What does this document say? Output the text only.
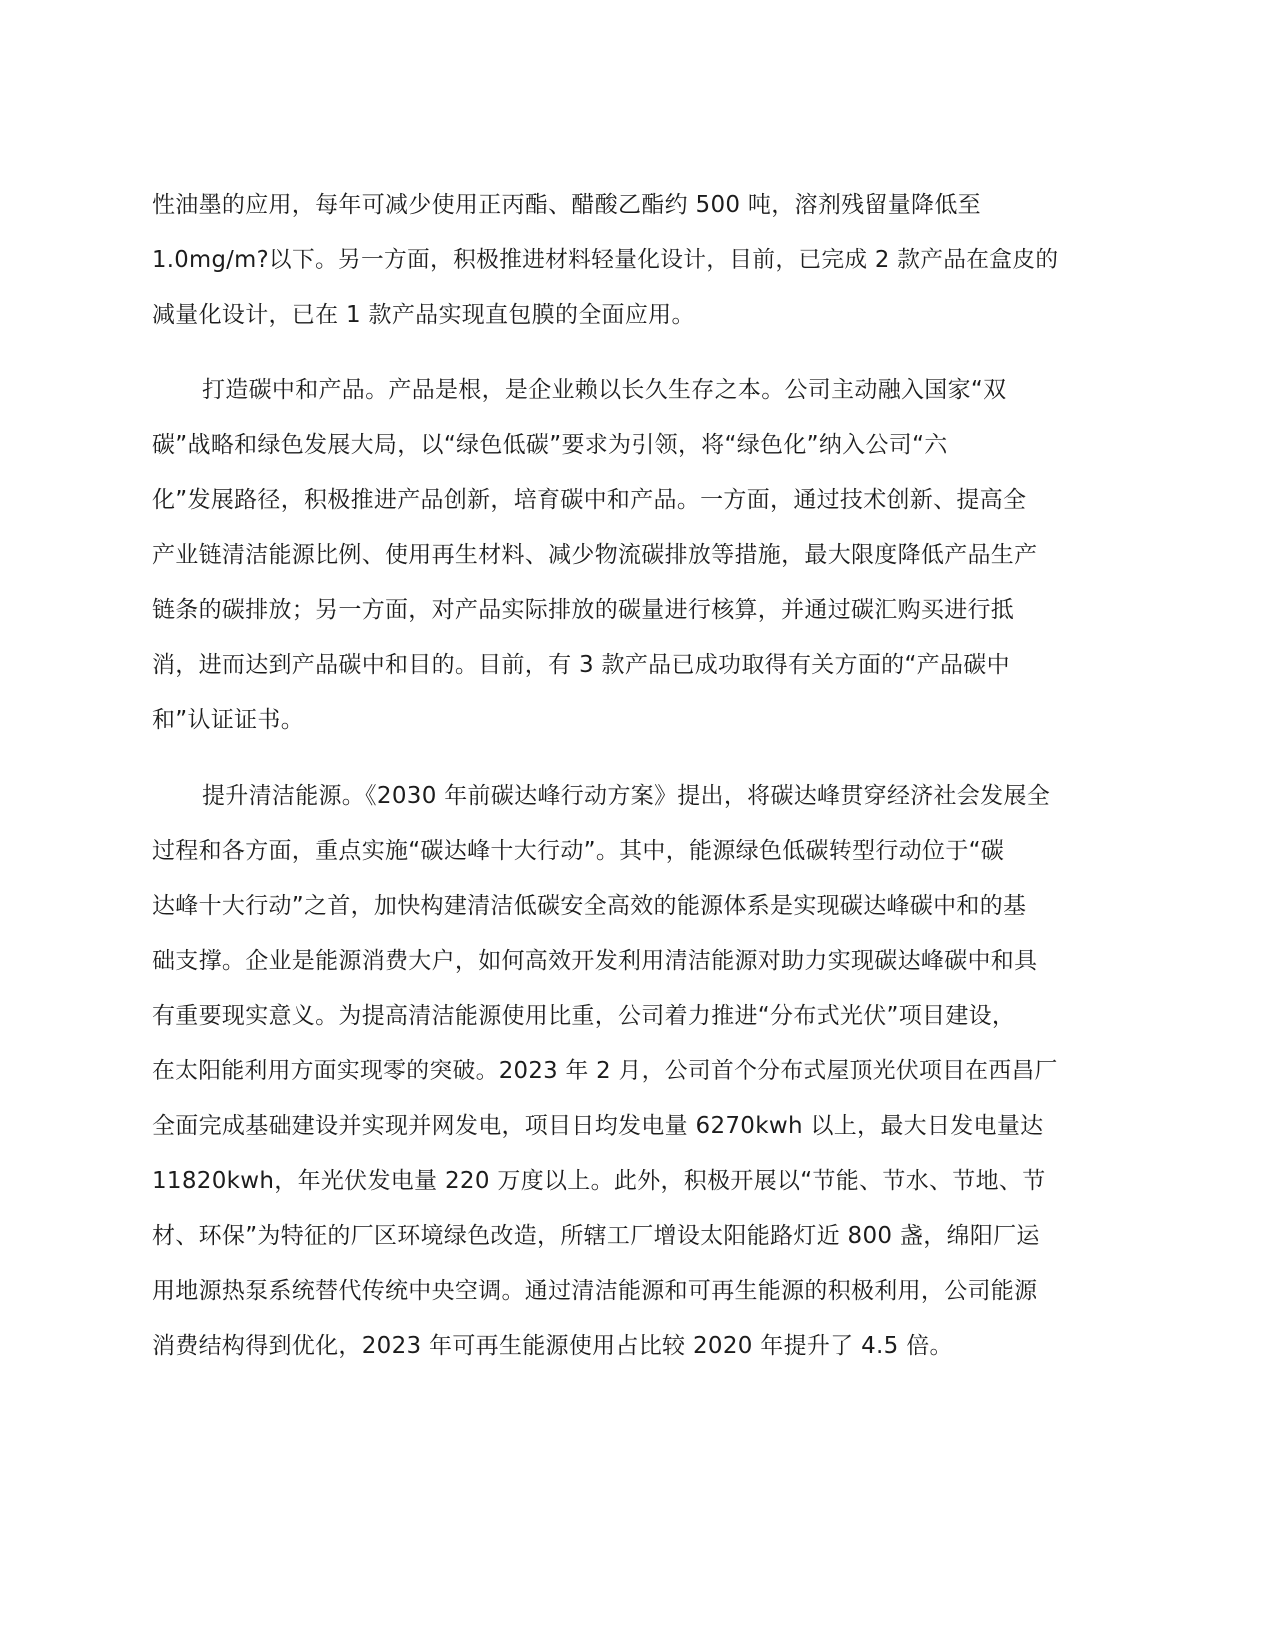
性油墨的应用，每年可减少使用正丙酯、醋酸乙酯约 500 吨，溶剂残留量降低至
1.0mg/m?以下。另一方面，积极推进材料轻量化设计，目前，已完成 2 款产品在盒皮的
减量化设计，已在 1 款产品实现直包膜的全面应用。
打造碳中和产品。产品是根，是企业赖以长久生存之本。公司主动融入国家“双
碳”战略和绿色发展大局，以“绿色低碳”要求为引领，将“绿色化”纳入公司“六
化”发展路径，积极推进产品创新，培育碳中和产品。一方面，通过技术创新、提高全
产业链清洁能源比例、使用再生材料、减少物流碳排放等措施，最大限度降低产品生产
链条的碳排放；另一方面，对产品实际排放的碳量进行核算，并通过碳汇购买进行抵
消，进而达到产品碳中和目的。目前，有 3 款产品已成功取得有关方面的“产品碳中
和”认证证书。
提升清洁能源。《2030 年前碳达峰行动方案》提出，将碳达峰贯穿经济社会发展全
过程和各方面，重点实施“碳达峰十大行动”。其中，能源绿色低碳转型行动位于“碳
达峰十大行动”之首，加快构建清洁低碳安全高效的能源体系是实现碳达峰碳中和的基
础支撑。企业是能源消费大户，如何高效开发利用清洁能源对助力实现碳达峰碳中和具
有重要现实意义。为提高清洁能源使用比重，公司着力推进“分布式光伏”项目建设，
在太阳能利用方面实现零的突破。2023 年 2 月，公司首个分布式屋顶光伏项目在西昌厂
全面完成基础建设并实现并网发电，项目日均发电量 6270kwh 以上，最大日发电量达
11820kwh，年光伏发电量 220 万度以上。此外，积极开展以“节能、节水、节地、节
材、环保”为特征的厂区环境绿色改造，所辖工厂增设太阳能路灯近 800 盏，绵阳厂运
用地源热泵系统替代传统中央空调。通过清洁能源和可再生能源的积极利用，公司能源
消费结构得到优化，2023 年可再生能源使用占比较 2020 年提升了 4.5 倍。
